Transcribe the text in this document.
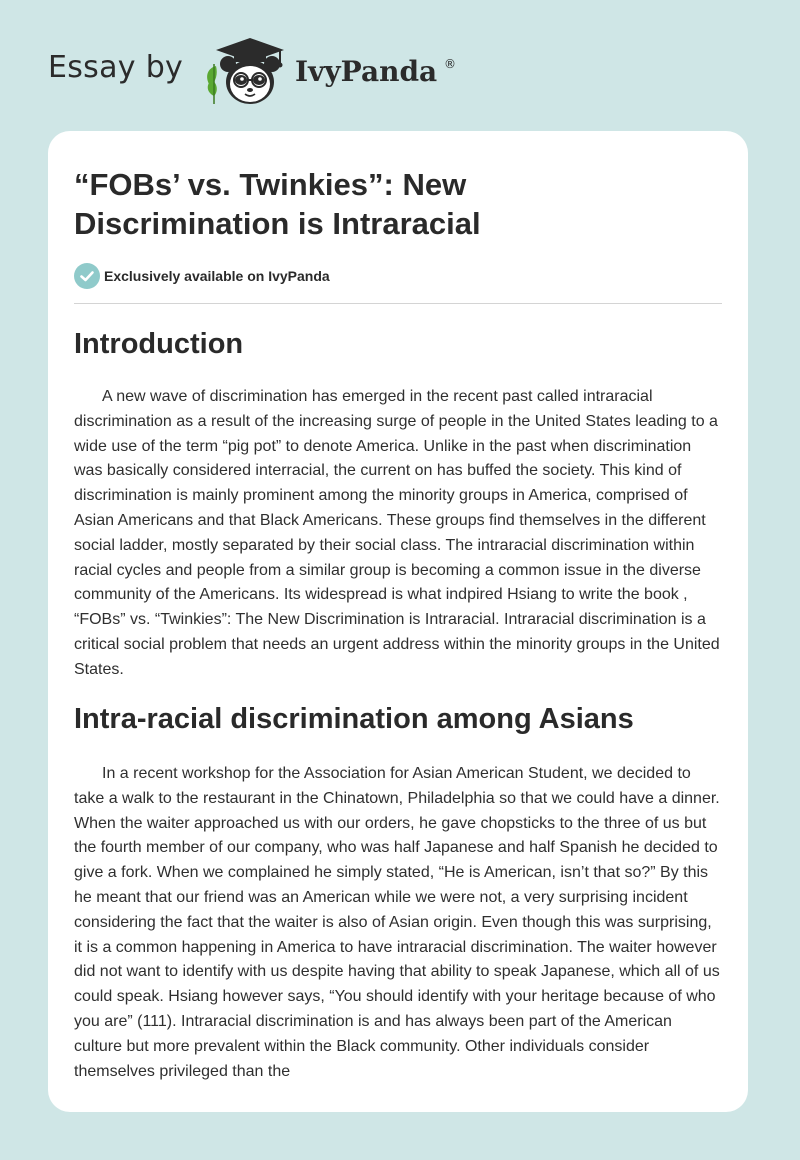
Essay by	IvyPanda ®
“FOBs’ vs. Twinkies”: New Discrimination is Intraracial
Exclusively available on IvyPanda
Introduction

A new wave of discrimination has emerged in the recent past called intraracial discrimination as a result of the increasing surge of people in the United States leading to a wide use of the term “pig pot” to denote America. Unlike in the past when discrimination was basically considered interracial, the current on has buffed the society. This kind of discrimination is mainly prominent among the minority groups in America, comprised of Asian Americans and that Black Americans. These groups find themselves in the different social ladder, mostly separated by their social class. The intraracial discrimination within racial cycles and people from a similar group is becoming a common issue in the diverse community of the Americans. Its widespread is what indpired Hsiang to write the book , “FOBs” vs. “Twinkies”: The New Discrimination is Intraracial. Intraracial discrimination is a critical social problem that needs an urgent address within the minority groups in the United States.

Intra-racial discrimination among Asians

In a recent workshop for the Association for Asian American Student, we decided to take a walk to the restaurant in the Chinatown, Philadelphia so that we could have a dinner. When the waiter approached us with our orders, he gave chopsticks to the three of us but the fourth member of our company, who was half Japanese and half Spanish he decided to give a fork. When we complained he simply stated, “He is American, isn’t that so?” By this he meant that our friend was an American while we were not, a very surprising incident considering the fact that the waiter is also of Asian origin. Even though this was surprising, it is a common happening in America to have intraracial discrimination. The waiter however did not want to identify with us despite having that ability to speak Japanese, which all of us could speak. Hsiang however says, “You should identify with your heritage because of who you are” (111). Intraracial discrimination is and has always been part of the American culture but more prevalent within the Black community. Other individuals consider themselves privileged than the
